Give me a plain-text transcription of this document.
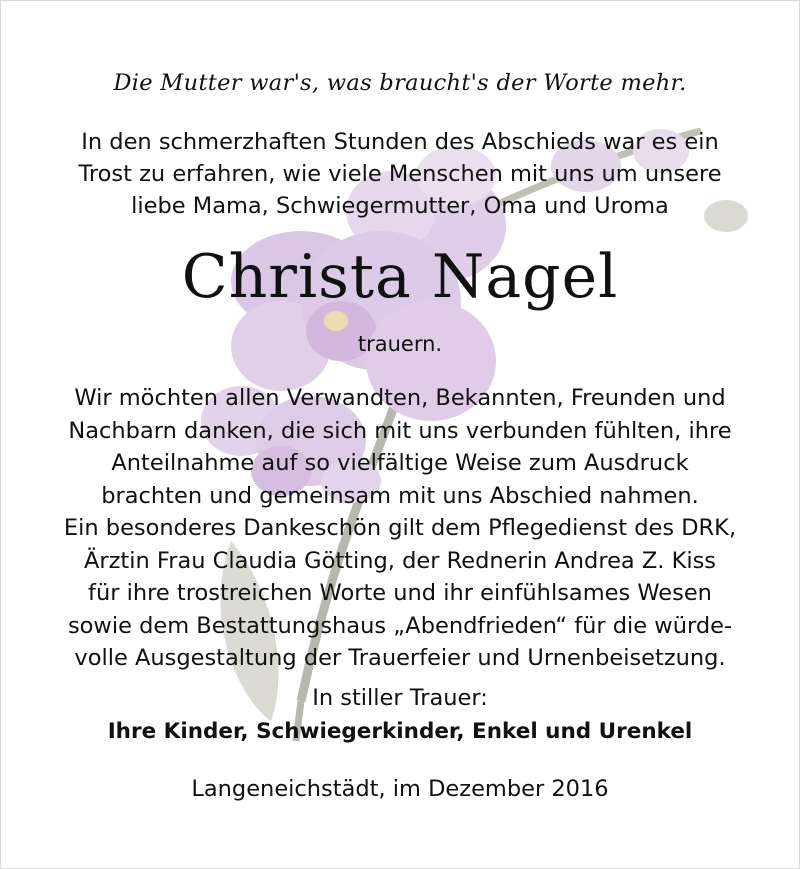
Die Mutter war's, was braucht's der Worte mehr.
In den schmerzhaften Stunden des Abschieds war es ein
Trost zu erfahren, wie viele Menschen mit uns um unsere
liebe Mama, Schwiegermutter, Oma und Uroma
Christa Nagel
trauern.
Wir möchten allen Verwandten, Bekannten, Freunden und
Nachbarn danken, die sich mit uns verbunden fühlten, ihre
Anteilnahme auf so vielfältige Weise zum Ausdruck
brachten und gemeinsam mit uns Abschied nahmen.
Ein besonderes Dankeschön gilt dem Pflegedienst des DRK,
Ärztin Frau Claudia Götting, der Rednerin Andrea Z. Kiss
für ihre trostreichen Worte und ihr einfühlsames Wesen
sowie dem Bestattungshaus „Abendfrieden“ für die würde-
volle Ausgestaltung der Trauerfeier und Urnenbeisetzung.
In stiller Trauer:
Ihre Kinder, Schwiegerkinder, Enkel und Urenkel
Langeneichstädt, im Dezember 2016
